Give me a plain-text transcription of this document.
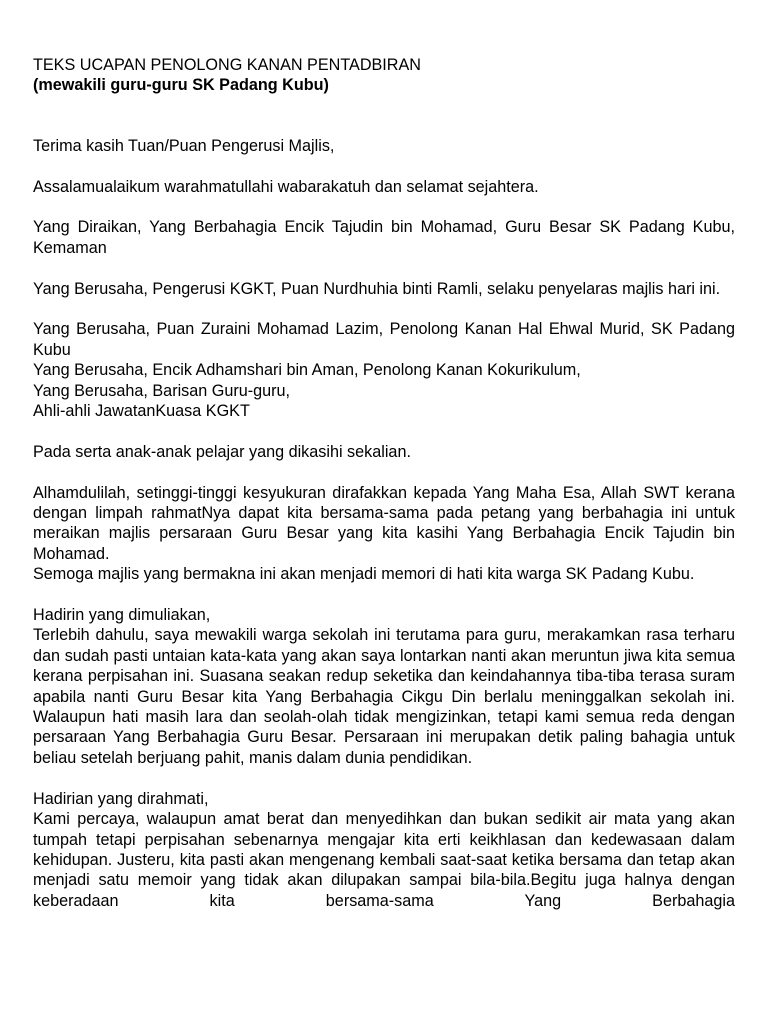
TEKS UCAPAN PENOLONG KANAN PENTADBIRAN
(mewakili guru-guru SK Padang Kubu)

Terima kasih Tuan/Puan Pengerusi Majlis,

Assalamualaikum warahmatullahi wabarakatuh dan selamat sejahtera.

Yang Diraikan, Yang Berbahagia Encik Tajudin bin Mohamad, Guru Besar SK Padang Kubu, Kemaman

Yang Berusaha, Pengerusi KGKT, Puan Nurdhuhia binti Ramli, selaku penyelaras majlis hari ini.

Yang Berusaha, Puan Zuraini Mohamad Lazim, Penolong Kanan Hal Ehwal Murid, SK Padang Kubu
Yang Berusaha, Encik Adhamshari bin Aman, Penolong Kanan Kokurikulum,
Yang Berusaha, Barisan Guru-guru,
Ahli-ahli JawatanKuasa KGKT

Pada serta anak-anak pelajar yang dikasihi sekalian.

Alhamdulilah, setinggi-tinggi kesyukuran dirafakkan kepada Yang Maha Esa, Allah SWT kerana dengan limpah rahmatNya dapat kita bersama-sama pada petang yang berbahagia ini untuk meraikan majlis persaraan Guru Besar yang kita kasihi Yang Berbahagia Encik Tajudin bin Mohamad.
Semoga majlis yang bermakna ini akan menjadi memori di hati kita warga SK Padang Kubu.
Hadirin yang dimuliakan,
Terlebih dahulu, saya mewakili warga sekolah ini terutama para guru, merakamkan rasa terharu dan sudah pasti untaian kata-kata yang akan saya lontarkan nanti akan meruntun jiwa kita semua kerana perpisahan ini. Suasana seakan redup seketika dan keindahannya tiba-tiba terasa suram apabila nanti Guru Besar kita Yang Berbahagia Cikgu Din berlalu meninggalkan sekolah ini. Walaupun hati masih lara dan seolah-olah tidak mengizinkan, tetapi kami semua reda dengan persaraan Yang Berbahagia Guru Besar. Persaraan ini merupakan detik paling bahagia untuk beliau setelah berjuang pahit, manis dalam dunia pendidikan.
Hadirian yang dirahmati,
Kami percaya, walaupun amat berat dan menyedihkan dan bukan sedikit air mata yang akan tumpah tetapi perpisahan sebenarnya mengajar kita erti keikhlasan dan kedewasaan dalam kehidupan. Justeru, kita pasti akan mengenang kembali saat-saat ketika bersama dan tetap akan menjadi satu memoir yang tidak akan dilupakan sampai bila-bila.Begitu juga halnya dengan keberadaan kita bersama-sama Yang Berbahagia
